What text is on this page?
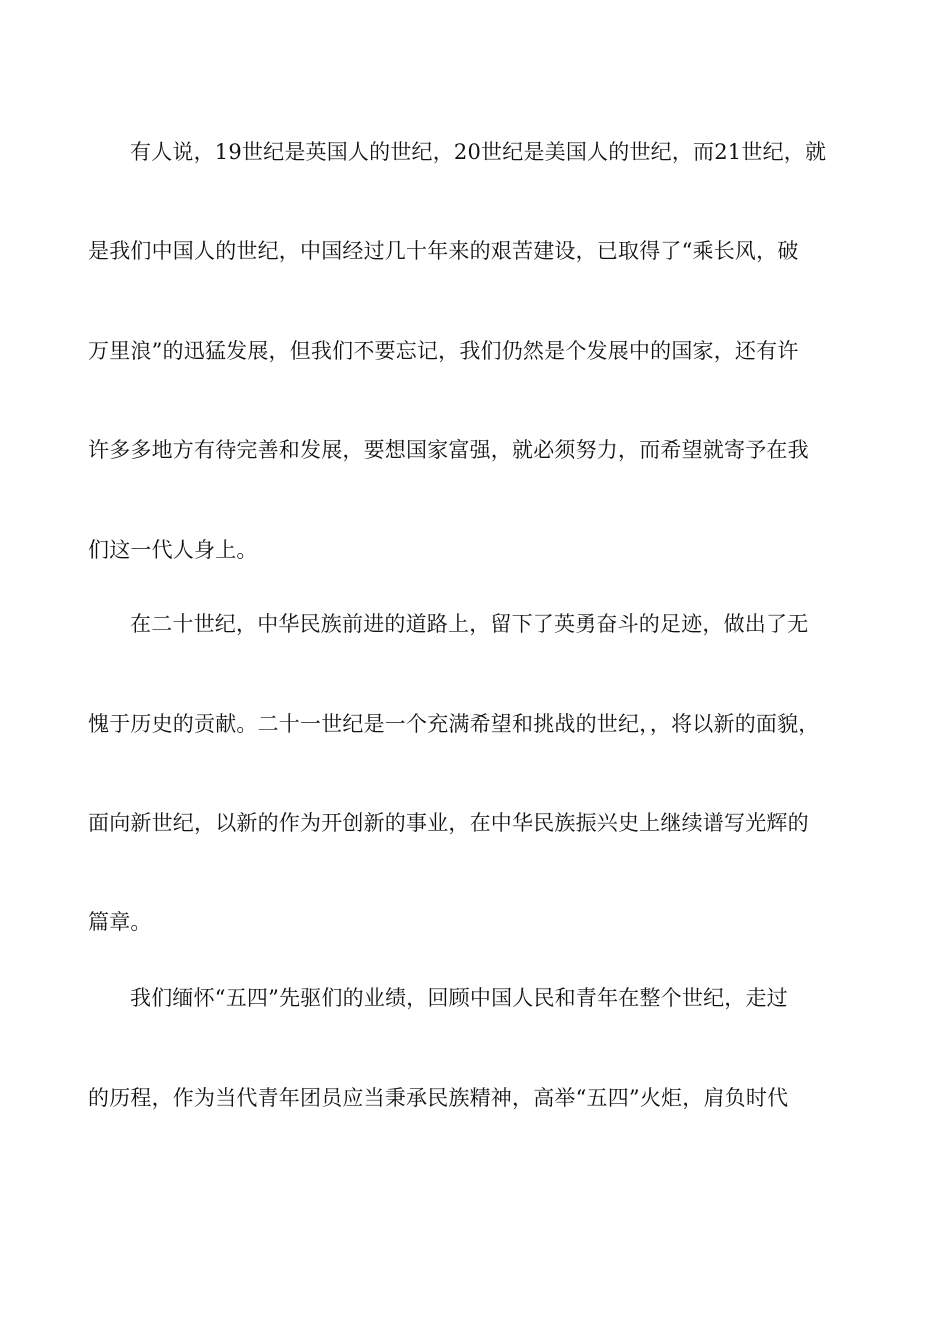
有人说，19世纪是英国人的世纪，20世纪是美国人的世纪，而21世纪，就
是我们中国人的世纪，中国经过几十年来的艰苦建设，已取得了“乘长风，破
万里浪”的迅猛发展，但我们不要忘记，我们仍然是个发展中的国家，还有许
许多多地方有待完善和发展，要想国家富强，就必须努力，而希望就寄予在我
们这一代人身上。
在二十世纪，中华民族前进的道路上，留下了英勇奋斗的足迹，做出了无
愧于历史的贡献。二十一世纪是一个充满希望和挑战的世纪，，将以新的面貌，
面向新世纪，以新的作为开创新的事业，在中华民族振兴史上继续谱写光辉的
篇章。
我们缅怀“五四”先驱们的业绩，回顾中国人民和青年在整个世纪，走过
的历程，作为当代青年团员应当秉承民族精神，高举“五四”火炬，肩负时代
